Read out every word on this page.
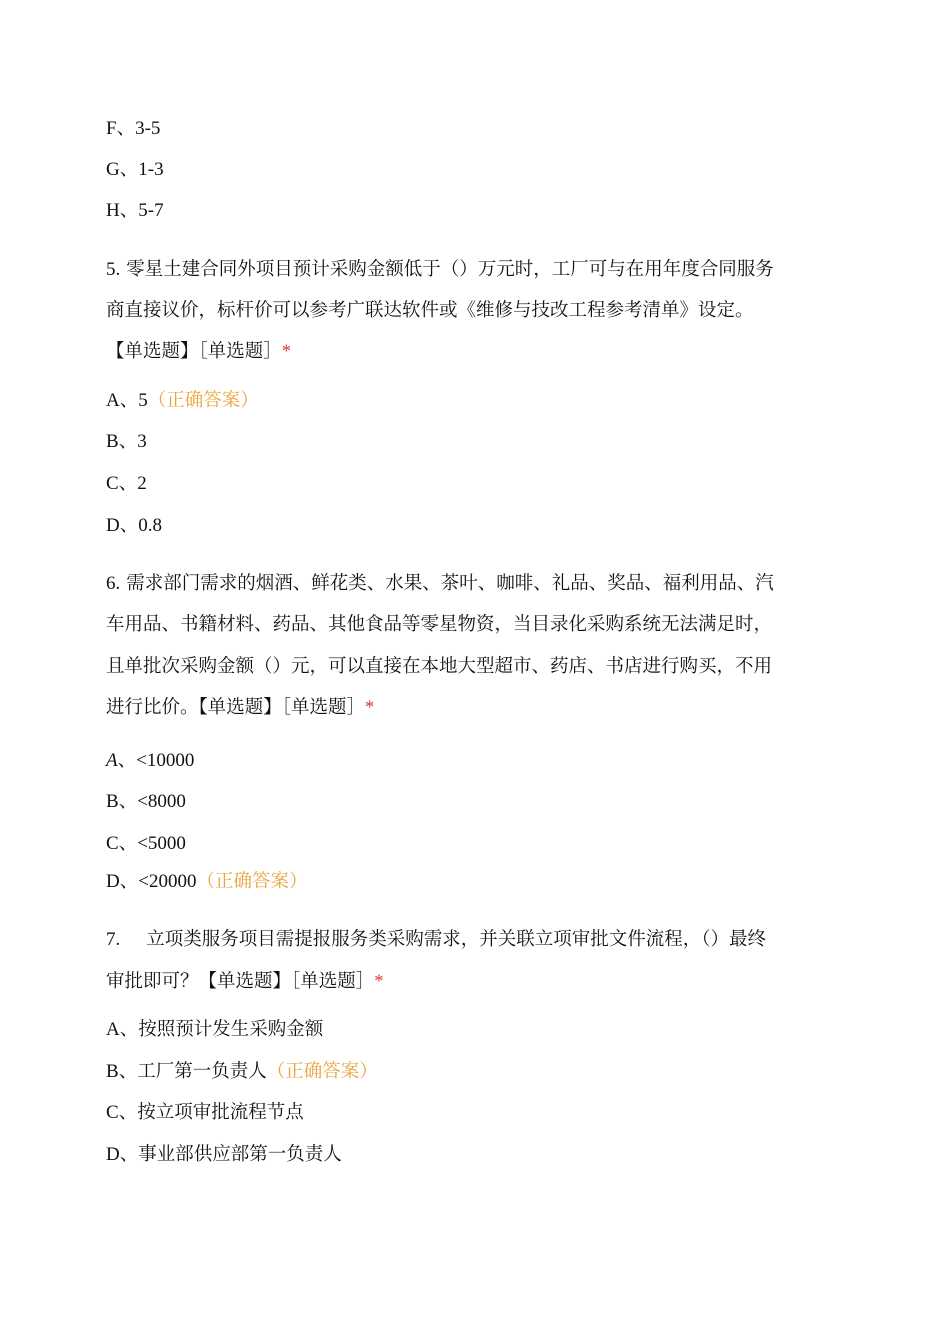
F、3-5
G、1-3
H、5-7
5. 零星土建合同外项目预计采购金额低于（）万元时，工厂可与在用年度合同服务
商直接议价，标杆价可以参考广联达软件或《维修与技改工程参考清单》设定。
【单选题】［单选题］*
A、5（正确答案）
B、3
C、2
D、0.8
6. 需求部门需求的烟酒、鲜花类、水果、茶叶、咖啡、礼品、奖品、福利用品、汽
车用品、书籍材料、药品、其他食品等零星物资，当目录化采购系统无法满足时，
且单批次采购金额（）元，可以直接在本地大型超市、药店、书店进行购买，不用
进行比价。【单选题】［单选题］*
A、<10000
B、<8000
C、<5000
D、<20000（正确答案）
7. 立项类服务项目需提报服务类采购需求，并关联立项审批文件流程，（）最终
审批即可？【单选题】［单选题］*
A、按照预计发生采购金额
B、工厂第一负责人（正确答案）
C、按立项审批流程节点
D、事业部供应部第一负责人
